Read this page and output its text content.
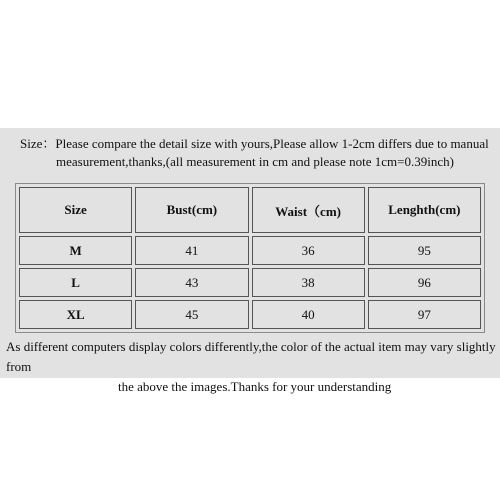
Size：Please compare the detail size with yours,Please allow 1-2cm differs due to manual
measurement,thanks,(all measurement in cm and please note 1cm=0.39inch)
Size	Bust(cm)	Waist（cm)	Lenghth(cm)
M	41	36	95
L	43	38	96
XL	45	40	97
As different computers display colors differently,the color of the actual item may vary slightly from
the above the images.Thanks for your understanding
